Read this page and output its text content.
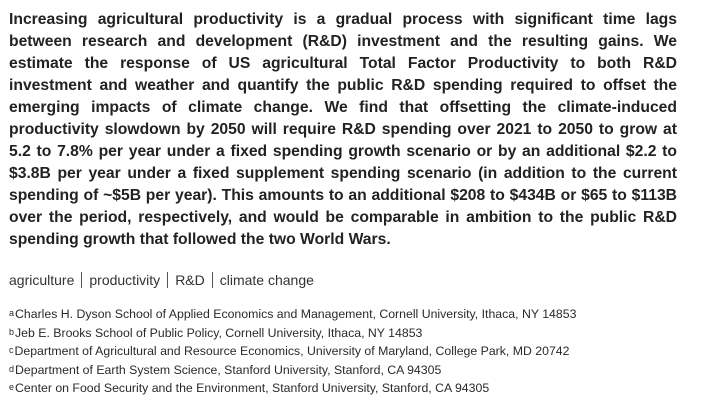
Increasing agricultural productivity is a gradual process with significant time lags between research and development (R&D) investment and the resulting gains. We estimate the response of US agricultural Total Factor Productivity to both R&D investment and weather and quantify the public R&D spending required to offset the emerging impacts of climate change. We find that offsetting the climate-induced productivity slowdown by 2050 will require R&D spending over 2021 to 2050 to grow at 5.2 to 7.8% per year under a fixed spending growth scenario or by an additional $2.2 to $3.8B per year under a fixed supplement spending scenario (in addition to the current spending of ~$5B per year). This amounts to an additional $208 to $434B or $65 to $113B over the period, respectively, and would be comparable in ambition to the public R&D spending growth that followed the two World Wars.

agriculture productivity R&D climate change
$^a$Charles H. Dyson School of Applied Economics and Management, Cornell University, Ithaca, NY 14853
$^b$Jeb E. Brooks School of Public Policy, Cornell University, Ithaca, NY 14853
$^c$Department of Agricultural and Resource Economics, University of Maryland, College Park, MD 20742
$^d$Department of Earth System Science, Stanford University, Stanford, CA 94305
$^e$Center on Food Security and the Environment, Stanford University, Stanford, CA 94305
